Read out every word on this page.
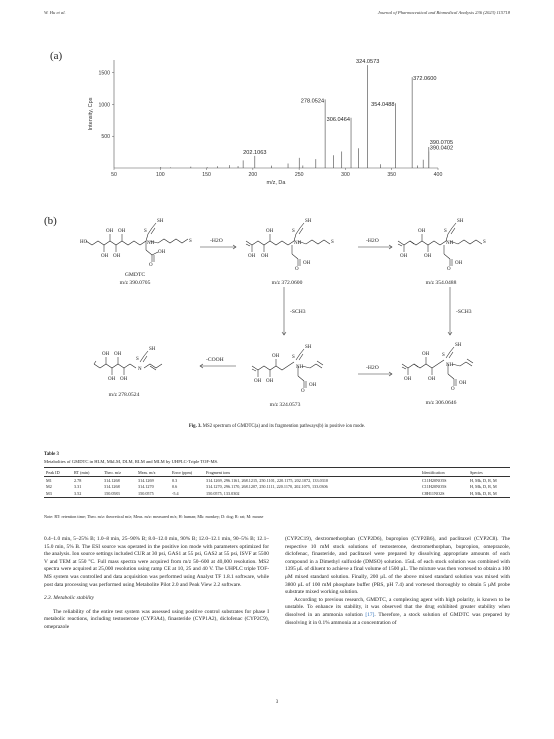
W. Hu et al.	Journal of Pharmaceutical and Biomedical Analysis 236 (2023) 115718
(a)
50	100	150	200	250	300	350	400
500
1000
1500
202.1063
278.0524
306.0464
324.0573
354.0488
372.0600
390.0402
390.0705
m/z, Da
Intensity, Cps
(b)
HO
OH OH
OH OH	S
SH
NH
O
OH
S
OH OH
OH	S
SH
NH
O
OH
S
OH	OH
OH	S
SH
NH
O
OH
S
OH
OH
OH
OH
N
S
SH
OH OH
OH	S
SH
NH
O
OH
OH	OH
OH	S
SH
NH
O
OH
-H2O	-H2O
-SCH3	-SCH3
-COOH
-H2O
GMDTC
m/z 390.0705	m/z 372.0600	m/z 354.0488
m/z 324.0573	m/z 306.0646
m/z 278.0524
Fig. 3. MS2 spectrum of GMDTC(a) and its fragmention pathways(b) in positive ion mode.
Table 3
Metabolites of GMDTC in HLM, MkLM, DLM, RLM and MLM by UHPLC-Triple TOF-MS.
Peak ID	RT (min)	Theo. m/z	Meas. m/z	Error (ppm)	Fragment ions	Identification	Species
M1	2.78	314.1268	314.1269	0.3	314.1269, 296.1161, 268.1215, 250.1101, 220.1175, 202.1072, 133.0310	C11H20NO5S	H, Mk, D, R, M
M2	3.31	314.1268	314.1270	0.6	314.1270, 296.1170, 268.1207, 250.1111, 220.1170, 202.1075, 133.0306	C11H20NO5S	H, Mk, D, R, M
M3	3.52	150.0583	150.0575	-5.4	150.0575, 133.0302	C8H11NO2S	H, Mk, D, R, M
Note: RT: retention time; Theo. m/z: theoretical m/z; Meas. m/z: measured m/z; H: human; Mk: monkey; D: dog; R: rat; M: mouse

0.4–1.0 min, 5–25% B; 1.0–8 min, 25–90% B; 8.0–12.0 min, 90% B; 12.0–12.1 min, 90–5% B; 12.1–15.0 min, 5% B. The ESI source was operated in the positive ion mode with parameters optimized for the analysis. Ion source settings included CUR at 30 psi, GAS1 at 55 psi, GAS2 at 55 psi, ISVF at 5500 V and TEM at 550 °C. Full mass spectra were acquired from m/z 50–600 at 40,000 resolution. MS2 spectra were acquired at 25,000 resolution using ramp CE at 10, 25 and 40 V. The UHPLC triple TOF-MS system was controlled and data acquisition was performed using Analyst TF 1.8.1 software, while post data processing was performed using Metabolite Pilot 2.0 and Peak View 2.2 software.

2.3. Metabolic stability

The reliability of the entire test system was assessed using positive control substrates for phase I metabolic reactions, including testosterone (CYP3A4), finasteride (CYP1A2), diclofenac (CYP2C9), omeprazole

(CYP2C19), dextromethorphan (CYP2D6), bupropion (CYP2B6), and paclitaxel (CYP2C8). The respective 10 mM stock solutions of testosterone, dextromethorphan, bupropion, omeprazole, diclofenac, finasteride, and paclitaxel were prepared by dissolving appropriate amounts of each compound in a Dimethyl sulfoxide (DMSO) solution. 15uL of each stock solution was combined with 1395 μL of diluent to achieve a final volume of 1500 μL. The mixture was then vortexed to obtain a 100 μM mixed standard solution. Finally, 200 μL of the above mixed standard solution was mixed with 3800 μL of 100 mM phosphate buffer (PBS, pH 7.4) and vortexed thoroughly to obtain 5 μM probe substrate mixed working solution.

According to previous research, GMDTC, a complexing agent with high polarity, is known to be unstable. To enhance its stability, it was observed that the drug exhibited greater stability when dissolved in an ammonia solution [17]. Therefore, a stock solution of GMDTC was prepared by dissolving it in 0.1% ammonia at a concentration of

3
